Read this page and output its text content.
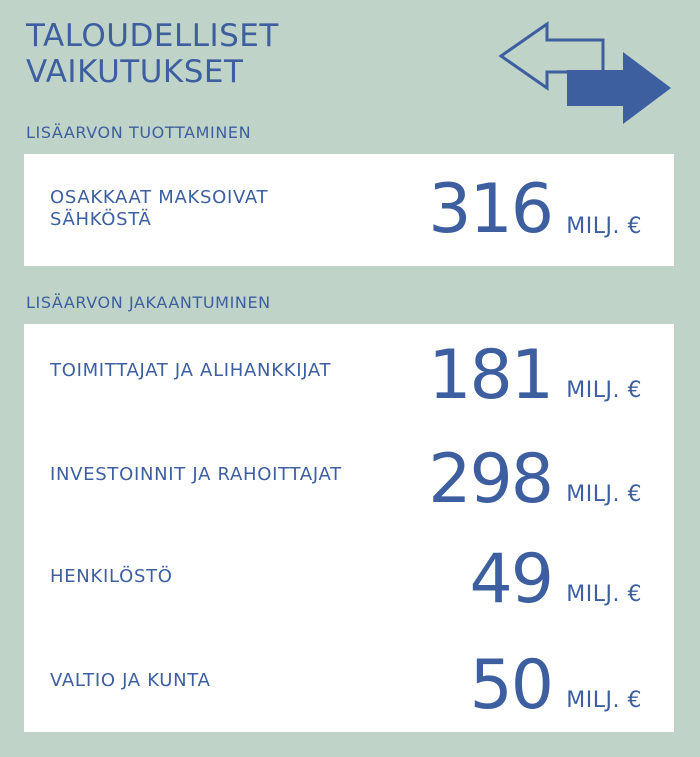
TALOUDELLISET
VAIKUTUKSET
LISÄARVON TUOTTAMINEN
OSAKKAAT MAKSOIVAT
SÄHKÖSTÄ	316 MILJ. €
LISÄARVON JAKAANTUMINEN
TOIMITTAJAT JA ALIHANKKIJAT 181 MILJ. €
INVESTOINNIT JA RAHOITTAJAT 298 MILJ. €
HENKILÖSTÖ	49 MILJ. €
VALTIO JA KUNTA	50 MILJ. €
